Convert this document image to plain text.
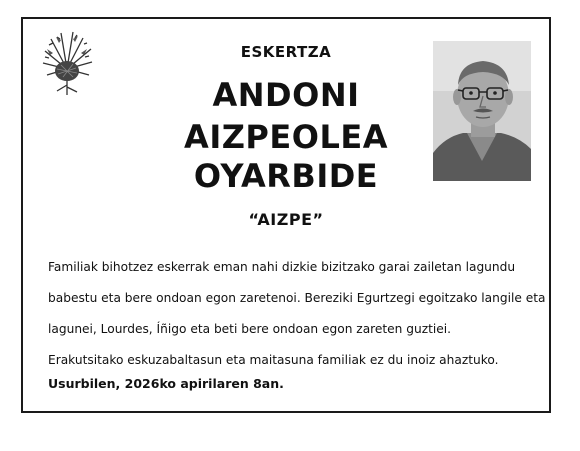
ESKERTZA
ANDONI
AIZPEOLEA
OYARBIDE
“AIZPE”
Familiak bihotzez eskerrak eman nahi dizkie bizitzako garai zailetan lagundu
babestu eta bere ondoan egon zaretenoi. Bereziki Egurtzegi egoitzako langile eta
lagunei, Lourdes, Íñigo eta beti bere ondoan egon zareten guztiei.
Erakutsitako eskuzabaltasun eta maitasuna familiak ez du inoiz ahaztuko.
Usurbilen, 2026ko apirilaren 8an.
